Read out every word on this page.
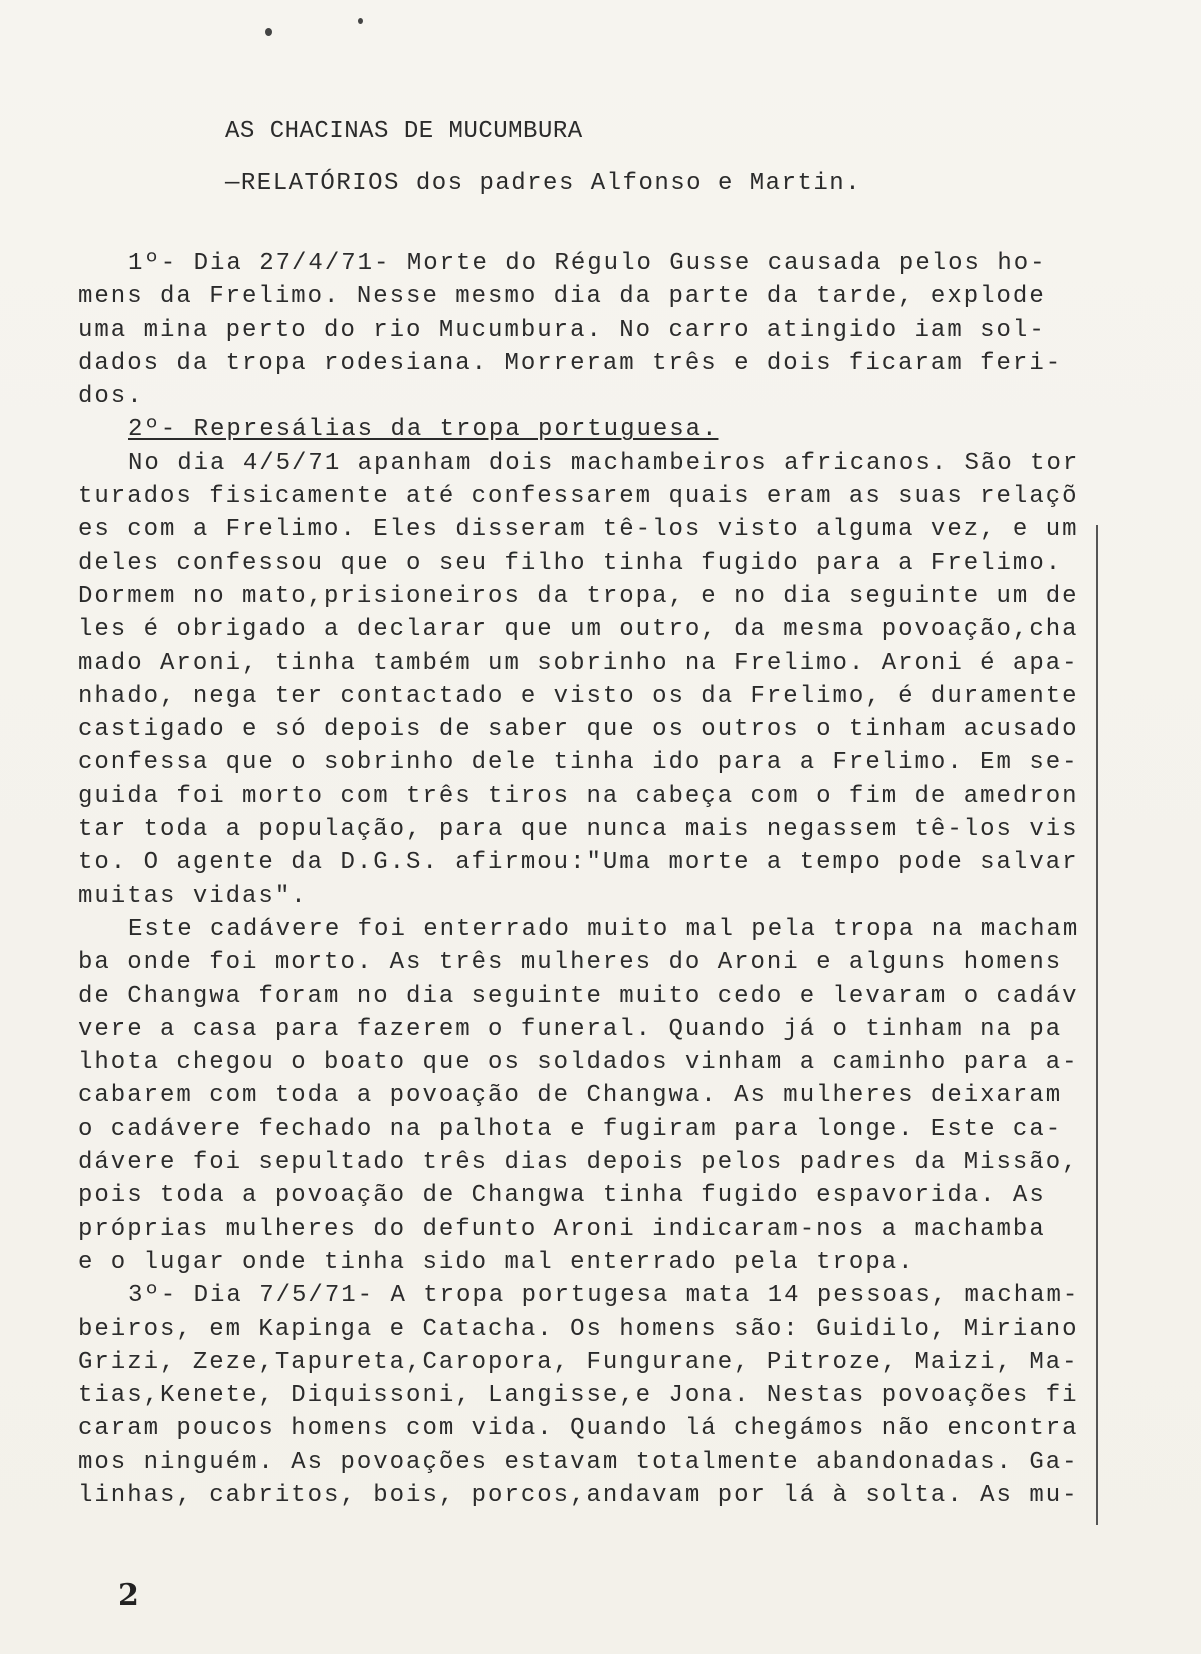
AS CHACINAS DE MUCUMBURA
—RELATÓRIOS dos padres Alfonso e Martin.
1º- Dia 27/4/71- Morte do Régulo Gusse causada pelos ho-
mens da Frelimo. Nesse mesmo dia da parte da tarde, explode
uma mina perto do rio Mucumbura. No carro atingido iam sol-
dados da tropa rodesiana. Morreram três e dois ficaram feri-
dos.
2º- Represálias da tropa portuguesa.
No dia 4/5/71 apanham dois machambeiros africanos. São tor
turados fisicamente até confessarem quais eram as suas relaçõ
es com a Frelimo. Eles disseram tê-los visto alguma vez, e um
deles confessou que o seu filho tinha fugido para a Frelimo.
Dormem no mato,prisioneiros da tropa, e no dia seguinte um de
les é obrigado a declarar que um outro, da mesma povoação,cha
mado Aroni, tinha também um sobrinho na Frelimo. Aroni é apa-
nhado, nega ter contactado e visto os da Frelimo, é duramente
castigado e só depois de saber que os outros o tinham acusado
confessa que o sobrinho dele tinha ido para a Frelimo. Em se-
guida foi morto com três tiros na cabeça com o fim de amedron
tar toda a população, para que nunca mais negassem tê-los vis
to. O agente da D.G.S. afirmou:"Uma morte a tempo pode salvar
muitas vidas".
Este cadávere foi enterrado muito mal pela tropa na macham
ba onde foi morto. As três mulheres do Aroni e alguns homens
de Changwa foram no dia seguinte muito cedo e levaram o cadáv
vere a casa para fazerem o funeral. Quando já o tinham na pa
lhota chegou o boato que os soldados vinham a caminho para a-
cabarem com toda a povoação de Changwa. As mulheres deixaram
o cadávere fechado na palhota e fugiram para longe. Este ca-
dávere foi sepultado três dias depois pelos padres da Missão,
pois toda a povoação de Changwa tinha fugido espavorida. As
próprias mulheres do defunto Aroni indicaram-nos a machamba
e o lugar onde tinha sido mal enterrado pela tropa.
3º- Dia 7/5/71- A tropa portugesa mata 14 pessoas, macham-
beiros, em Kapinga e Catacha. Os homens são: Guidilo, Miriano
Grizi, Zeze,Tapureta,Caropora, Fungurane, Pitroze, Maizi, Ma-
tias,Kenete, Diquissoni, Langisse,e Jona. Nestas povoações fi
caram poucos homens com vida. Quando lá chegámos não encontra
mos ninguém. As povoações estavam totalmente abandonadas. Ga-
linhas, cabritos, bois, porcos,andavam por lá à solta. As mu-
2
